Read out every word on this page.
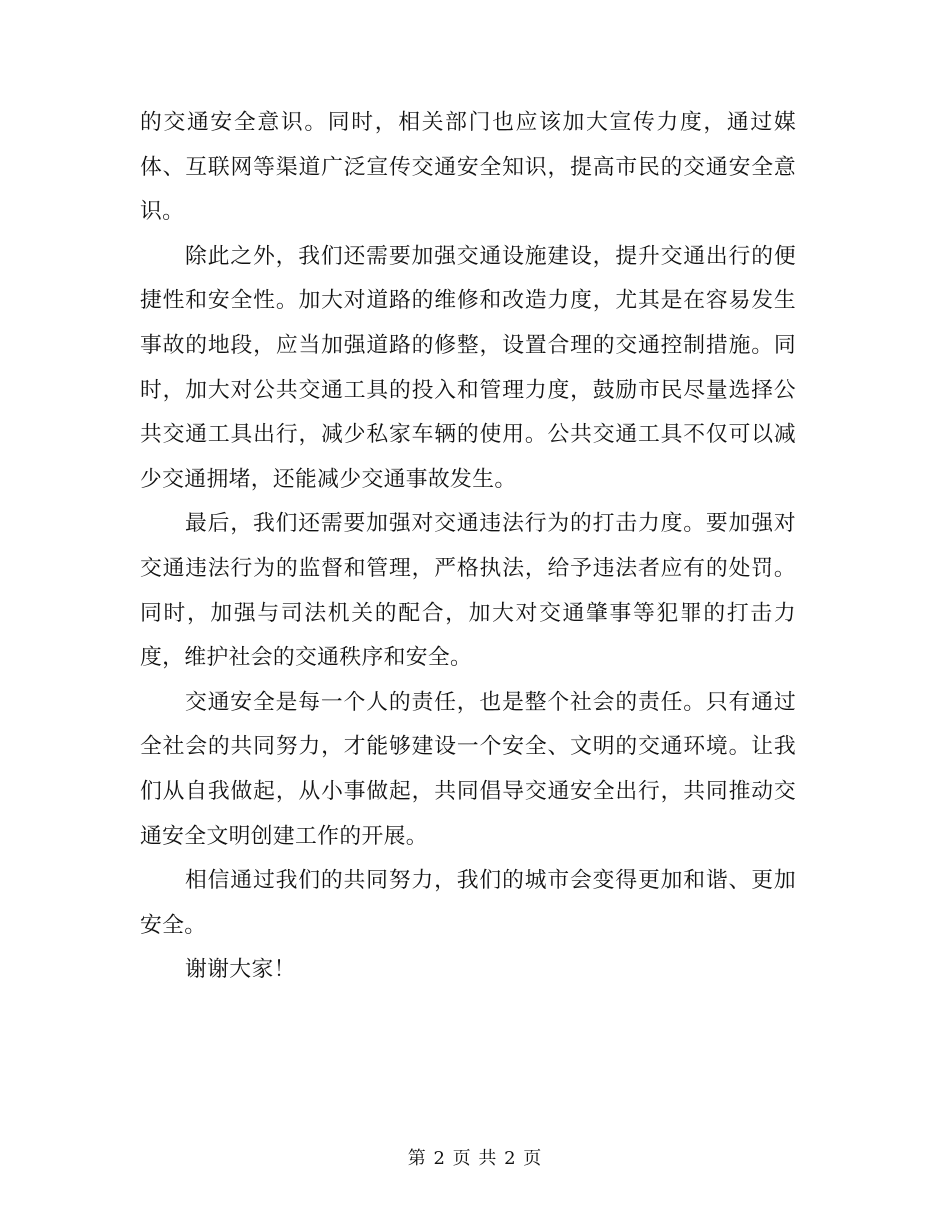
的交通安全意识。同时，相关部门也应该加大宣传力度，通过媒体、互联网等渠道广泛宣传交通安全知识，提高市民的交通安全意识。

除此之外，我们还需要加强交通设施建设，提升交通出行的便捷性和安全性。加大对道路的维修和改造力度，尤其是在容易发生事故的地段，应当加强道路的修整，设置合理的交通控制措施。同时，加大对公共交通工具的投入和管理力度，鼓励市民尽量选择公共交通工具出行，减少私家车辆的使用。公共交通工具不仅可以减少交通拥堵，还能减少交通事故发生。

最后，我们还需要加强对交通违法行为的打击力度。要加强对交通违法行为的监督和管理，严格执法，给予违法者应有的处罚。同时，加强与司法机关的配合，加大对交通肇事等犯罪的打击力度，维护社会的交通秩序和安全。

交通安全是每一个人的责任，也是整个社会的责任。只有通过全社会的共同努力，才能够建设一个安全、文明的交通环境。让我们从自我做起，从小事做起，共同倡导交通安全出行，共同推动交通安全文明创建工作的开展。

相信通过我们的共同努力，我们的城市会变得更加和谐、更加安全。

谢谢大家！

第 2 页 共 2 页
